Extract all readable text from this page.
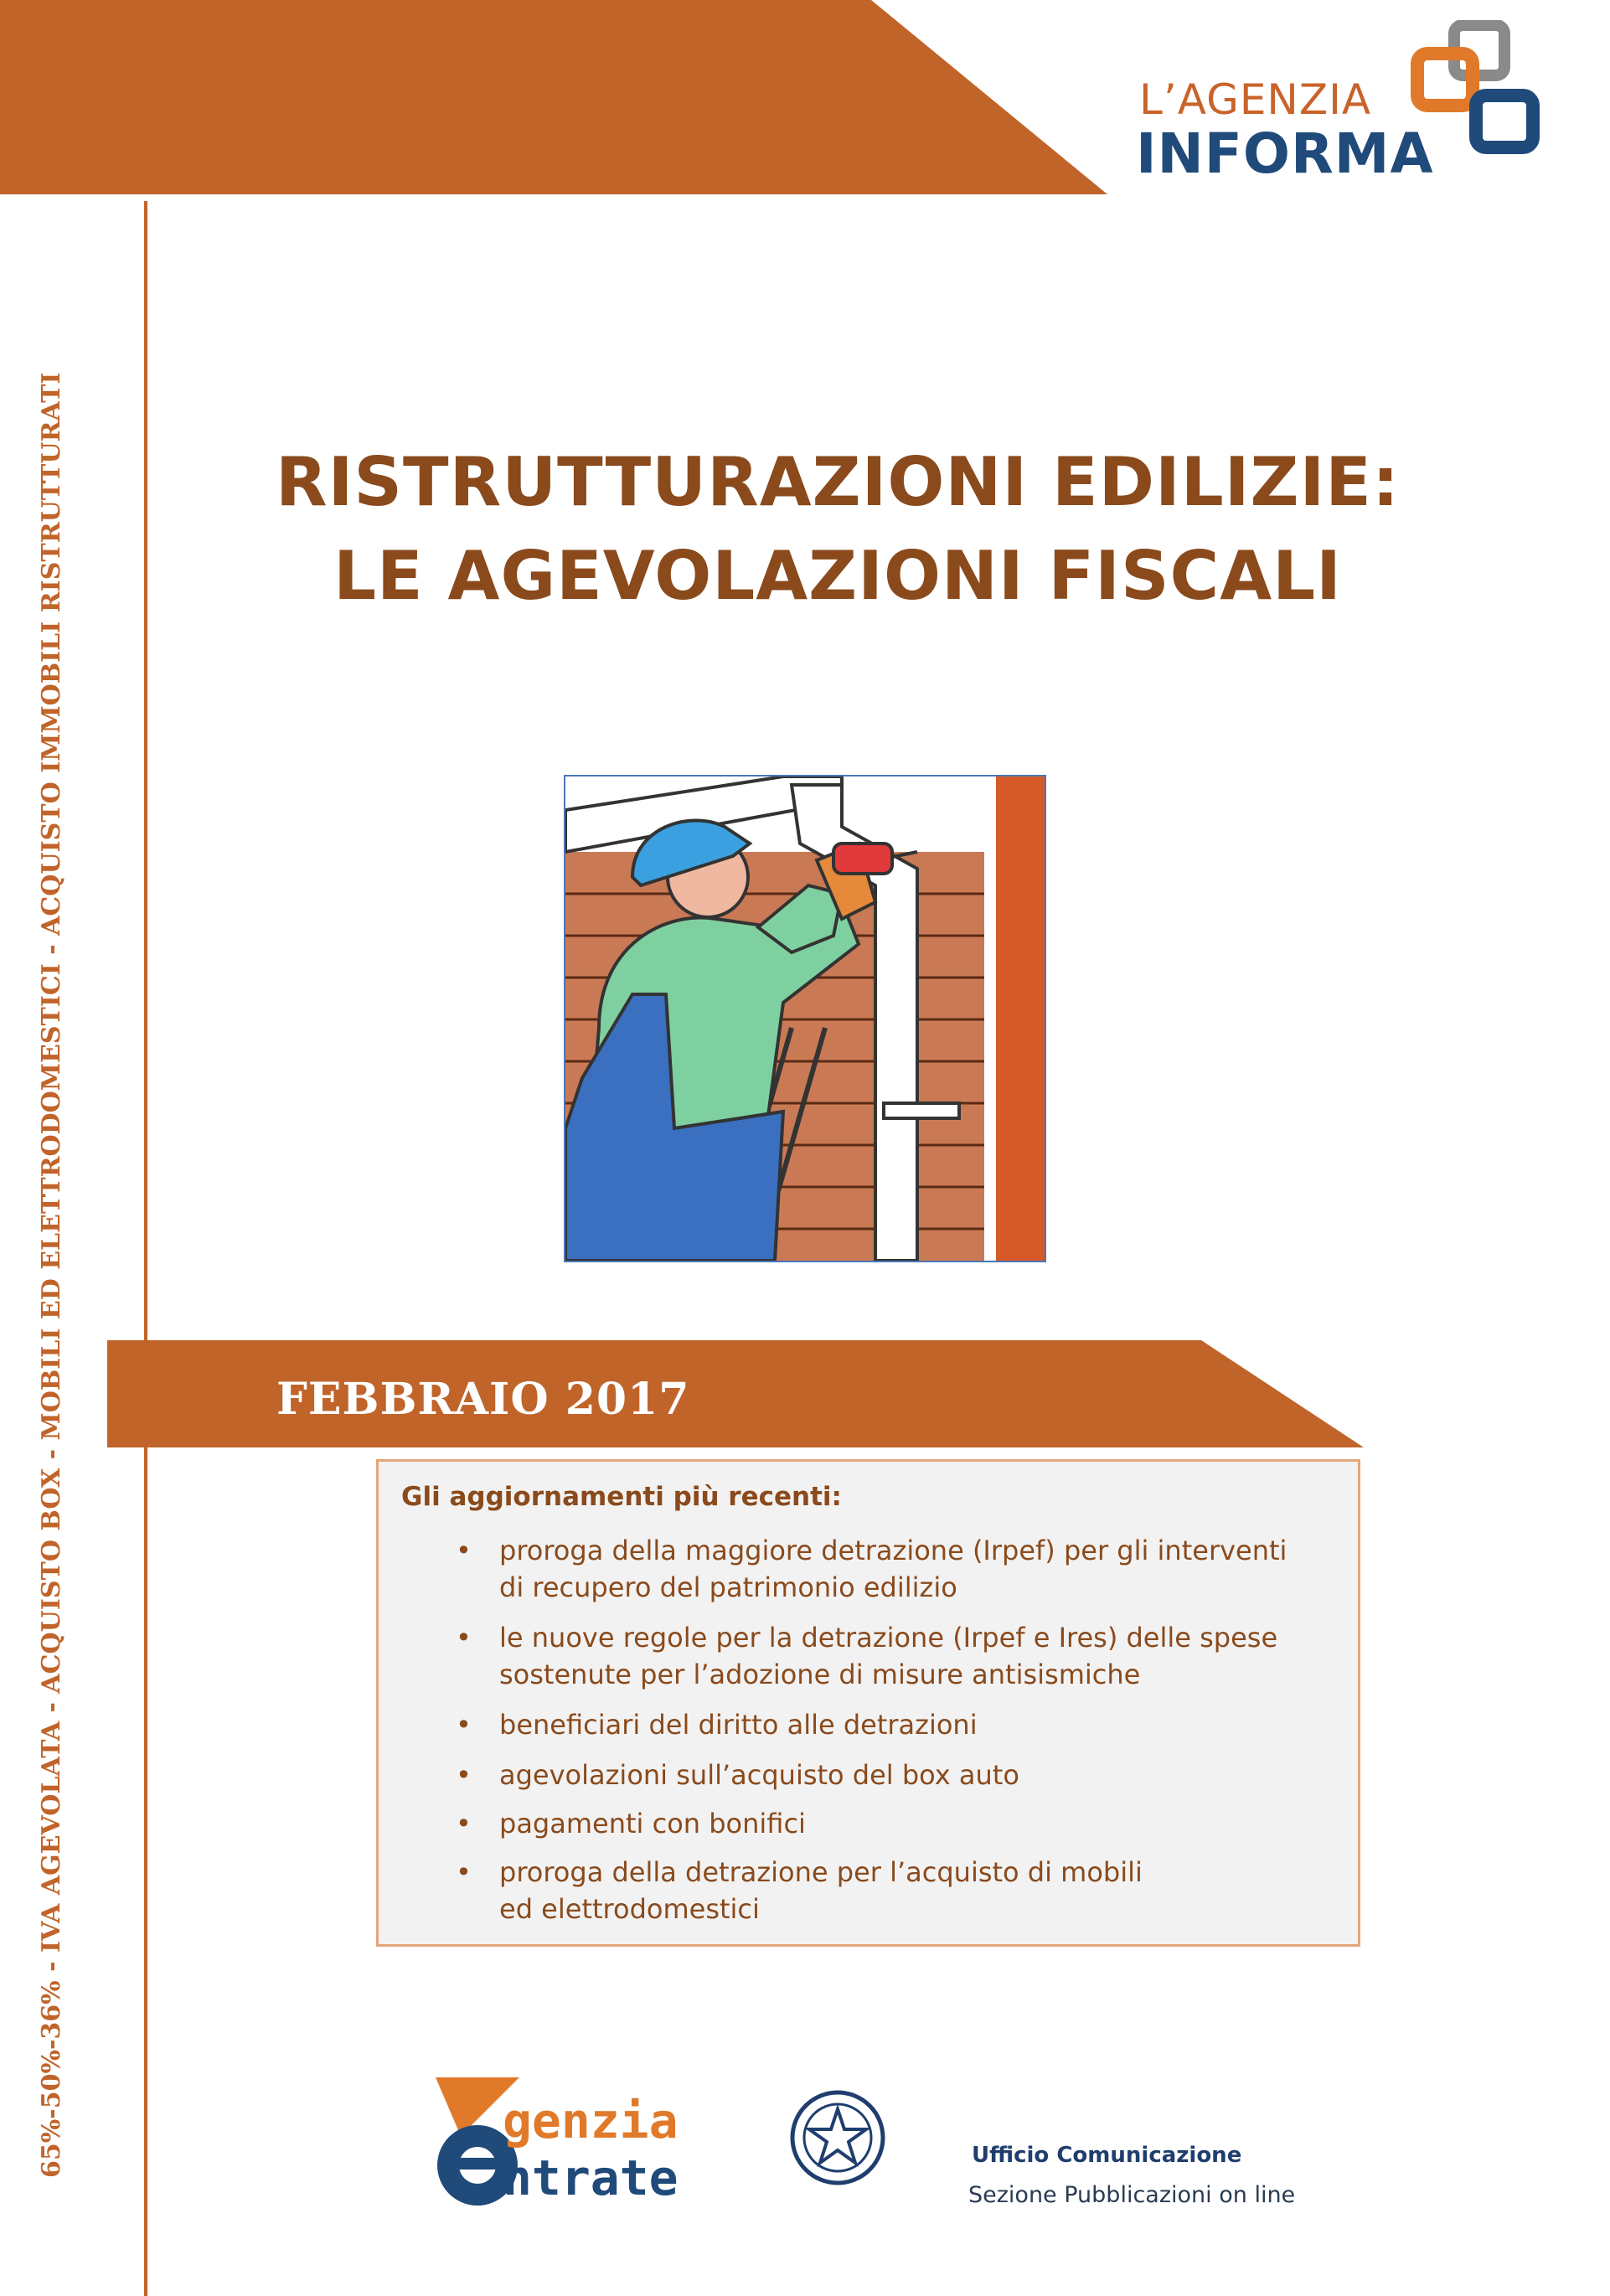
L’AGENZIA
INFORMA
65%-50%-36% - IVA AGEVOLATA - ACQUISTO BOX - MOBILI ED ELETTRODOMESTICI - ACQUISTO IMMOBILI RISTRUTTURATI	RISTRUTTURAZIONI EDILIZIE:
LE AGEVOLAZIONI FISCALI
FEBBRAIO 2017
Gli aggiornamenti più recenti:
• proroga della maggiore detrazione (Irpef) per gli interventi
di recupero del patrimonio edilizio
• le nuove regole per la detrazione (Irpef e Ires) delle spese
sostenute per l’adozione di misure antisismiche
• beneficiari del diritto alle detrazioni
• agevolazioni sull’acquisto del box auto
• pagamenti con bonifici
• proroga della detrazione per l’acquisto di mobili
ed elettrodomestici
genzia
ntrate	Ufficio Comunicazione
Sezione Pubblicazioni on line
